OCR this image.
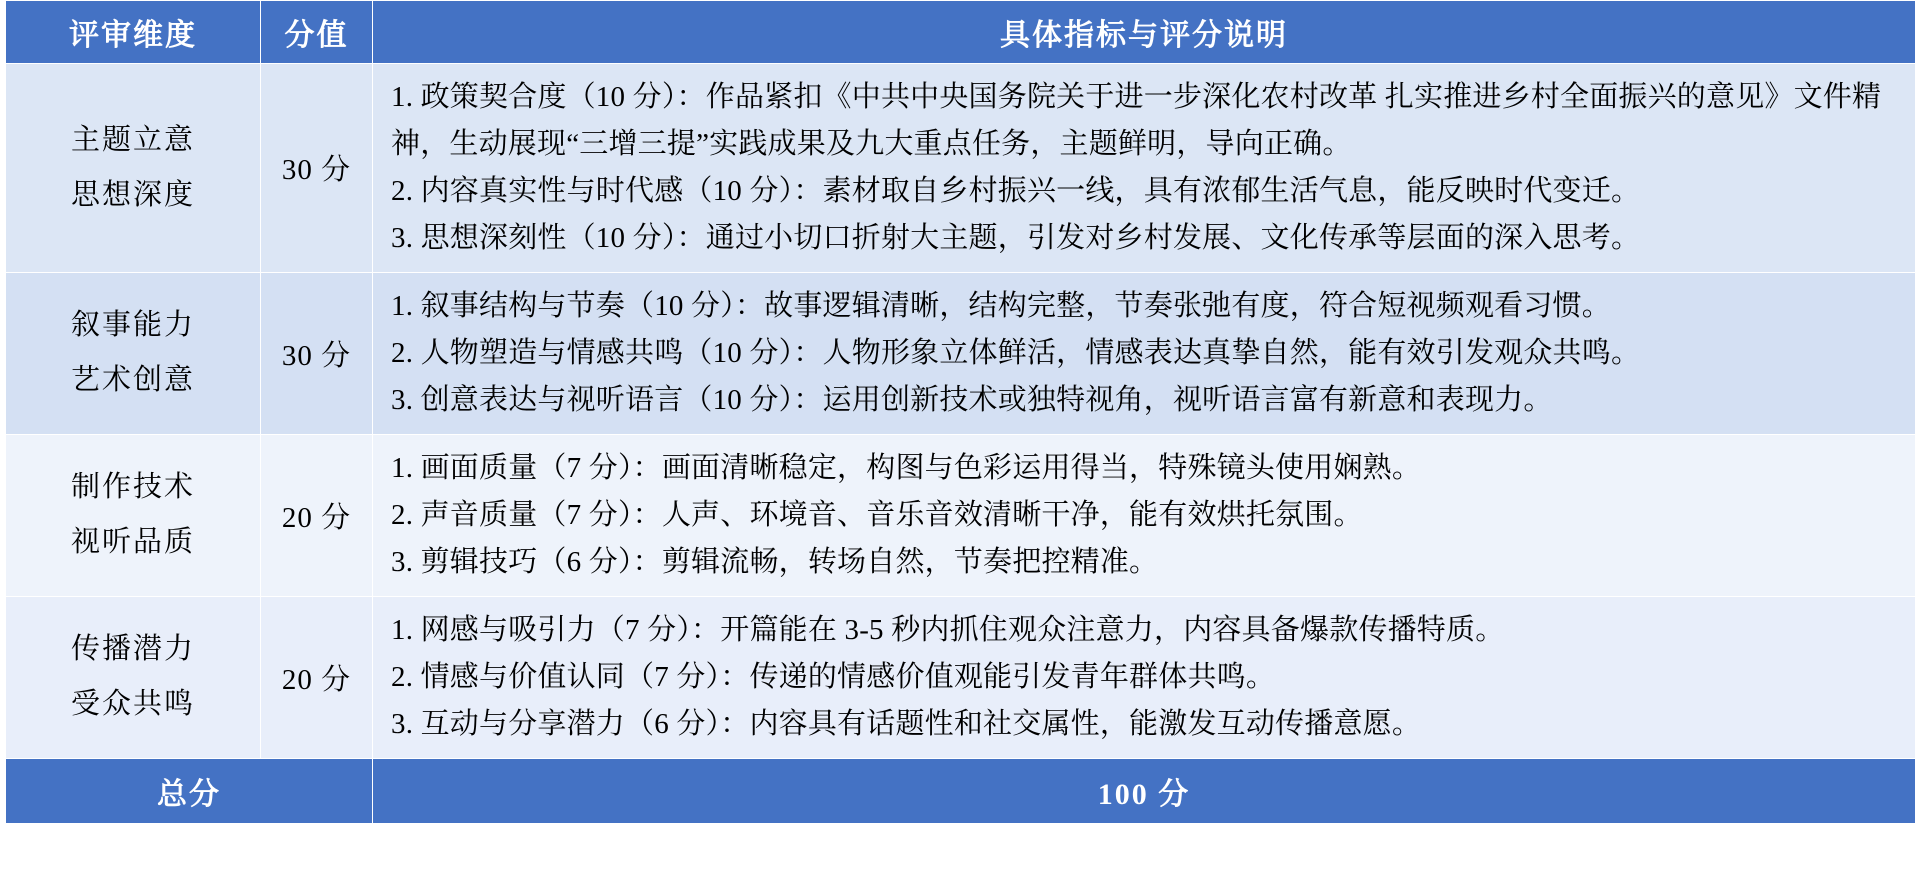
评审维度	分值	具体指标与评分说明

主题立意
思想深度	30 分	1. 政策契合度（10 分）：作品紧扣《中共中央国务院关于进一步深化农村改革 扎实推进乡村全面振兴的意见》文件精神，生动展现“三增三提”实践成果及九大重点任务，主题鲜明，导向正确。
2. 内容真实性与时代感（10 分）：素材取自乡村振兴一线，具有浓郁生活气息，能反映时代变迁。
3. 思想深刻性（10 分）：通过小切口折射大主题，引发对乡村发展、文化传承等层面的深入思考。

叙事能力
艺术创意	30 分	1. 叙事结构与节奏（10 分）：故事逻辑清晰，结构完整，节奏张弛有度，符合短视频观看习惯。
2. 人物塑造与情感共鸣（10 分）：人物形象立体鲜活，情感表达真挚自然，能有效引发观众共鸣。
3. 创意表达与视听语言（10 分）：运用创新技术或独特视角，视听语言富有新意和表现力。

制作技术
视听品质	20 分	1. 画面质量（7 分）：画面清晰稳定，构图与色彩运用得当，特殊镜头使用娴熟。
2. 声音质量（7 分）：人声、环境音、音乐音效清晰干净，能有效烘托氛围。
3. 剪辑技巧（6 分）：剪辑流畅，转场自然，节奏把控精准。

传播潜力
受众共鸣	20 分	1. 网感与吸引力（7 分）：开篇能在 3-5 秒内抓住观众注意力，内容具备爆款传播特质。
2. 情感与价值认同（7 分）：传递的情感价值观能引发青年群体共鸣。
3. 互动与分享潜力（6 分）：内容具有话题性和社交属性，能激发互动传播意愿。

总分		100 分
